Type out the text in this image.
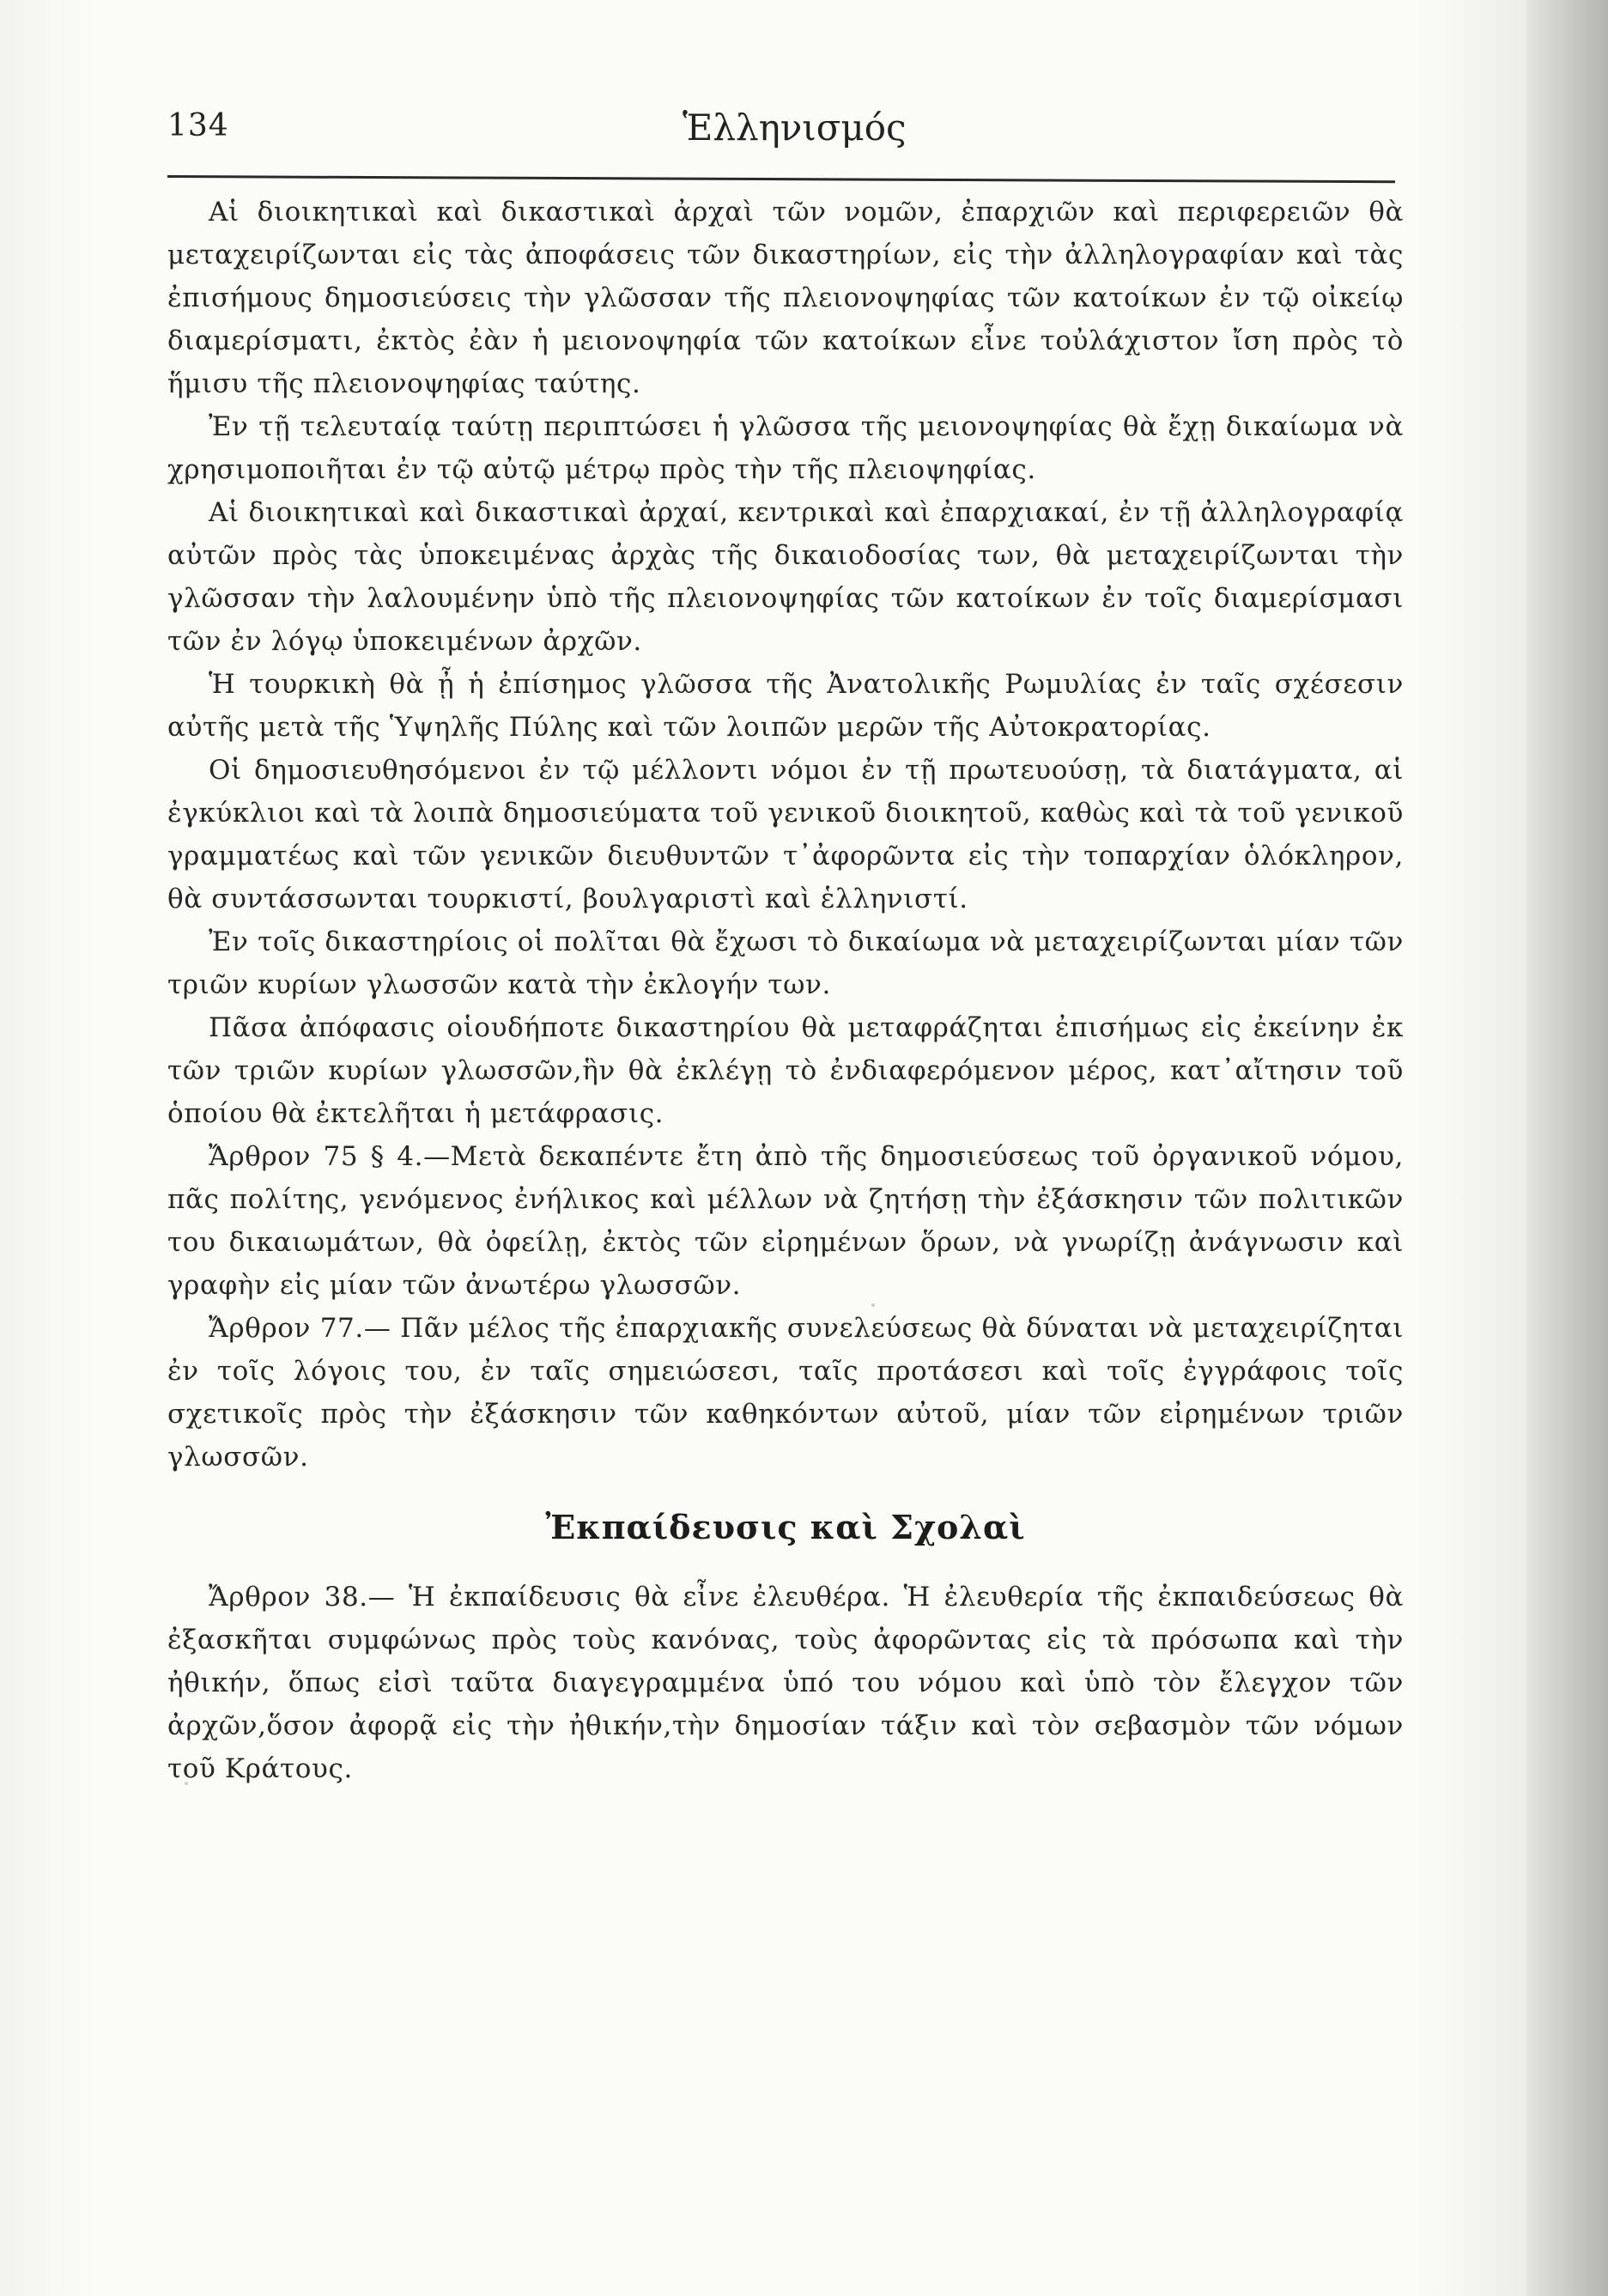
134	Ἑλληνισμός

Αἱ διοικητικαὶ καὶ δικαστικαὶ ἀρχαὶ τῶν νομῶν, ἐπαρχιῶν καὶ περιφερειῶν θὰ μεταχειρίζωνται εἰς τὰς ἀποφάσεις τῶν δικαστηρίων, εἰς τὴν ἀλληλογραφίαν καὶ τὰς ἐπισήμους δημοσιεύσεις τὴν γλῶσσαν τῆς πλειονοψηφίας τῶν κατοίκων ἐν τῷ οἰκείῳ διαμερίσματι, ἐκτὸς ἐὰν ἡ μειονοψηφία τῶν κατοίκων εἶνε τοὐλάχιστον ἴση πρὸς τὸ ἥμισυ τῆς πλειονοψηφίας ταύτης.

Ἐν τῇ τελευταίᾳ ταύτῃ περιπτώσει ἡ γλῶσσα τῆς μειονοψηφίας θὰ ἔχῃ δικαίωμα νὰ χρησιμοποιῆται ἐν τῷ αὐτῷ μέτρῳ πρὸς τὴν τῆς πλειοψηφίας.

Αἱ διοικητικαὶ καὶ δικαστικαὶ ἀρχαί, κεντρικαὶ καὶ ἐπαρχιακαί, ἐν τῇ ἀλληλογραφίᾳ αὐτῶν πρὸς τὰς ὑποκειμένας ἀρχὰς τῆς δικαιοδοσίας των, θὰ μεταχειρίζωνται τὴν γλῶσσαν τὴν λαλουμένην ὑπὸ τῆς πλειονοψηφίας τῶν κατοίκων ἐν τοῖς διαμερίσμασι τῶν ἐν λόγῳ ὑποκειμένων ἀρχῶν.

Ἡ τουρκικὴ θὰ ᾖ ἡ ἐπίσημος γλῶσσα τῆς Ἀνατολικῆς Ρωμυλίας ἐν ταῖς σχέσεσιν αὐτῆς μετὰ τῆς Ὑψηλῆς Πύλης καὶ τῶν λοιπῶν μερῶν τῆς Αὐτοκρατορίας.

Οἱ δημοσιευθησόμενοι ἐν τῷ μέλλοντι νόμοι ἐν τῇ πρωτευούσῃ, τὰ διατάγματα, αἱ ἐγκύκλιοι καὶ τὰ λοιπὰ δημοσιεύματα τοῦ γενικοῦ διοικητοῦ, καθὼς καὶ τὰ τοῦ γενικοῦ γραμματέως καὶ τῶν γενικῶν διευθυντῶν τ᾿ἀφορῶντα εἰς τὴν τοπαρχίαν ὁλόκληρον, θὰ συντάσσωνται τουρκιστί, βουλγαριστὶ καὶ ἑλληνιστί.

Ἐν τοῖς δικαστηρίοις οἱ πολῖται θὰ ἔχωσι τὸ δικαίωμα νὰ μεταχειρίζωνται μίαν τῶν τριῶν κυρίων γλωσσῶν κατὰ τὴν ἐκλογήν των.

Πᾶσα ἀπόφασις οἱουδήποτε δικαστηρίου θὰ μεταφράζηται ἐπισήμως εἰς ἐκείνην ἐκ τῶν τριῶν κυρίων γλωσσῶν,ἣν θὰ ἐκλέγῃ τὸ ἐνδιαφερόμενον μέρος, κατ᾿αἴτησιν τοῦ ὁποίου θὰ ἐκτελῆται ἡ μετάφρασις.

Ἄρθρον 75 § 4.—Μετὰ δεκαπέντε ἔτη ἀπὸ τῆς δημοσιεύσεως τοῦ ὀργανικοῦ νόμου, πᾶς πολίτης, γενόμενος ἐνήλικος καὶ μέλλων νὰ ζητήσῃ τὴν ἐξάσκησιν τῶν πολιτικῶν του δικαιωμάτων, θὰ ὀφείλῃ, ἐκτὸς τῶν εἰρημένων ὅρων, νὰ γνωρίζῃ ἀνάγνωσιν καὶ γραφὴν εἰς μίαν τῶν ἀνωτέρω γλωσσῶν.

Ἄρθρον 77.— Πᾶν μέλος τῆς ἐπαρχιακῆς συνελεύσεως θὰ δύναται νὰ μεταχειρίζηται ἐν τοῖς λόγοις του, ἐν ταῖς σημειώσεσι, ταῖς προτάσεσι καὶ τοῖς ἐγγράφοις τοῖς σχετικοῖς πρὸς τὴν ἐξάσκησιν τῶν καθηκόντων αὐτοῦ, μίαν τῶν εἰρημένων τριῶν γλωσσῶν.

Ἐκπαίδευσις καὶ Σχολαὶ

Ἄρθρον 38.— Ἡ ἐκπαίδευσις θὰ εἶνε ἐλευθέρα. Ἡ ἐλευθερία τῆς ἐκπαιδεύσεως θὰ ἐξασκῆται συμφώνως πρὸς τοὺς κανόνας, τοὺς ἀφορῶντας εἰς τὰ πρόσωπα καὶ τὴν ἠθικήν, ὅπως εἰσὶ ταῦτα διαγεγραμμένα ὑπό του νόμου καὶ ὑπὸ τὸν ἔλεγχον τῶν ἀρχῶν,ὅσον ἀφορᾷ εἰς τὴν ἠθικήν,τὴν δημοσίαν τάξιν καὶ τὸν σεβασμὸν τῶν νόμων τοῦ Κράτους.
